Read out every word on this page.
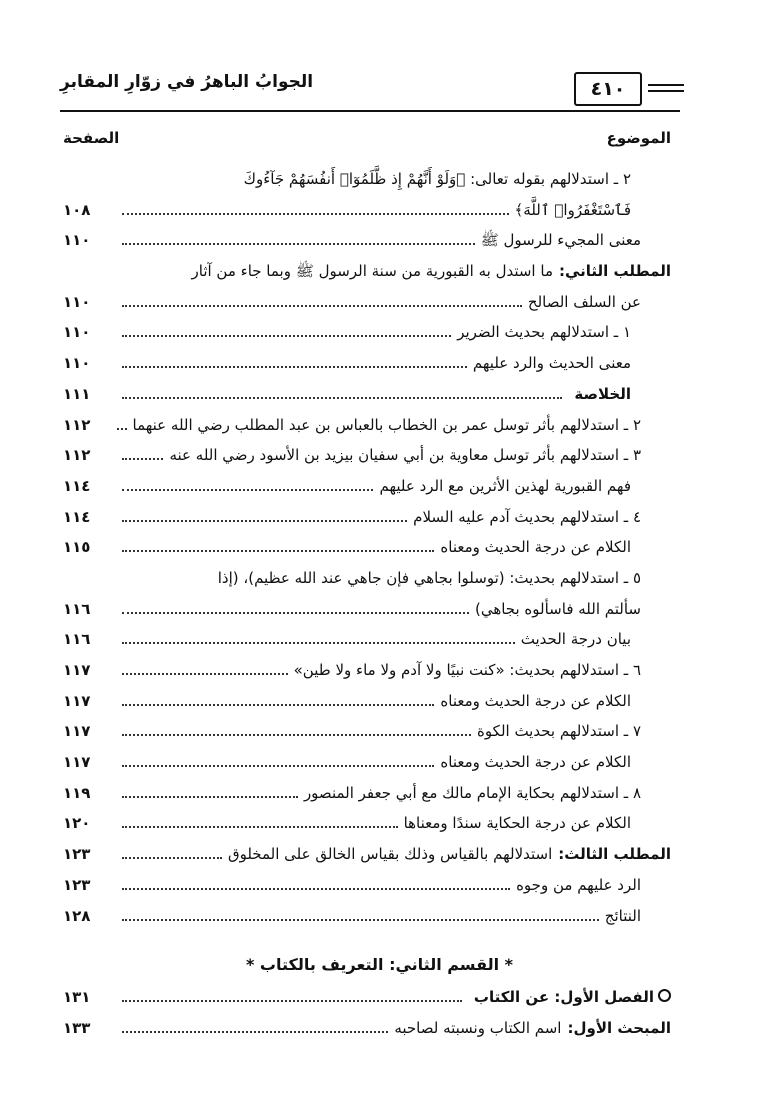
الجوابُ الباهرُ في زوّارِ المقابرِ	٤١٠
الموضوع
الصفحة
٢ ـ استدلالهم بقوله تعالى: ﴿وَلَوْ أَنَّهُمْ إِذ ظَّلَمُوٓا۟ أَنفُسَهُمْ جَآءُوكَ
فَٱسْتَغْفَرُوا۟ ٱللَّهَ﴾
١٠٨
معنى المجيء للرسول ﷺ
١١٠
المطلب الثاني:
ما استدل به القبورية من سنة الرسول ﷺ وبما جاء من آثار
عن السلف الصالح
١١٠
١ ـ استدلالهم بحديث الضرير
١١٠
معنى الحديث والرد عليهم
١١٠
الخلاصة
١١١
٢ ـ استدلالهم بأثر توسل عمر بن الخطاب بالعباس بن عبد المطلب رضي الله عنهما
١١٢
٣ ـ استدلالهم بأثر توسل معاوية بن أبي سفيان بيزيد بن الأسود رضي الله عنه
١١٢
فهم القبورية لهذين الأثرين مع الرد عليهم
١١٤
٤ ـ استدلالهم بحديث آدم عليه السلام
١١٤
الكلام عن درجة الحديث ومعناه
١١٥
٥ ـ استدلالهم بحديث: (توسلوا بجاهي فإن جاهي عند الله عظيم)، (إذا
سألتم الله فاسألوه بجاهي)
١١٦
بيان درجة الحديث
١١٦
٦ ـ استدلالهم بحديث: «كنت نبيًا ولا آدم ولا ماء ولا طين»
١١٧
الكلام عن درجة الحديث ومعناه
١١٧
٧ ـ استدلالهم بحديث الكوة
١١٧
الكلام عن درجة الحديث ومعناه
١١٧
٨ ـ استدلالهم بحكاية الإمام مالك مع أبي جعفر المنصور
١١٩
الكلام عن درجة الحكاية سندًا ومعناها
١٢٠
المطلب الثالث:
استدلالهم بالقياس وذلك بقياس الخالق على المخلوق
١٢٣
الرد عليهم من وجوه
١٢٣
النتائج
١٢٨
* القسم الثاني: التعريف بالكتاب *
الفصل الأول: عن الكتاب
١٣١
المبحث الأول:
اسم الكتاب ونسبته لصاحبه
١٣٣
